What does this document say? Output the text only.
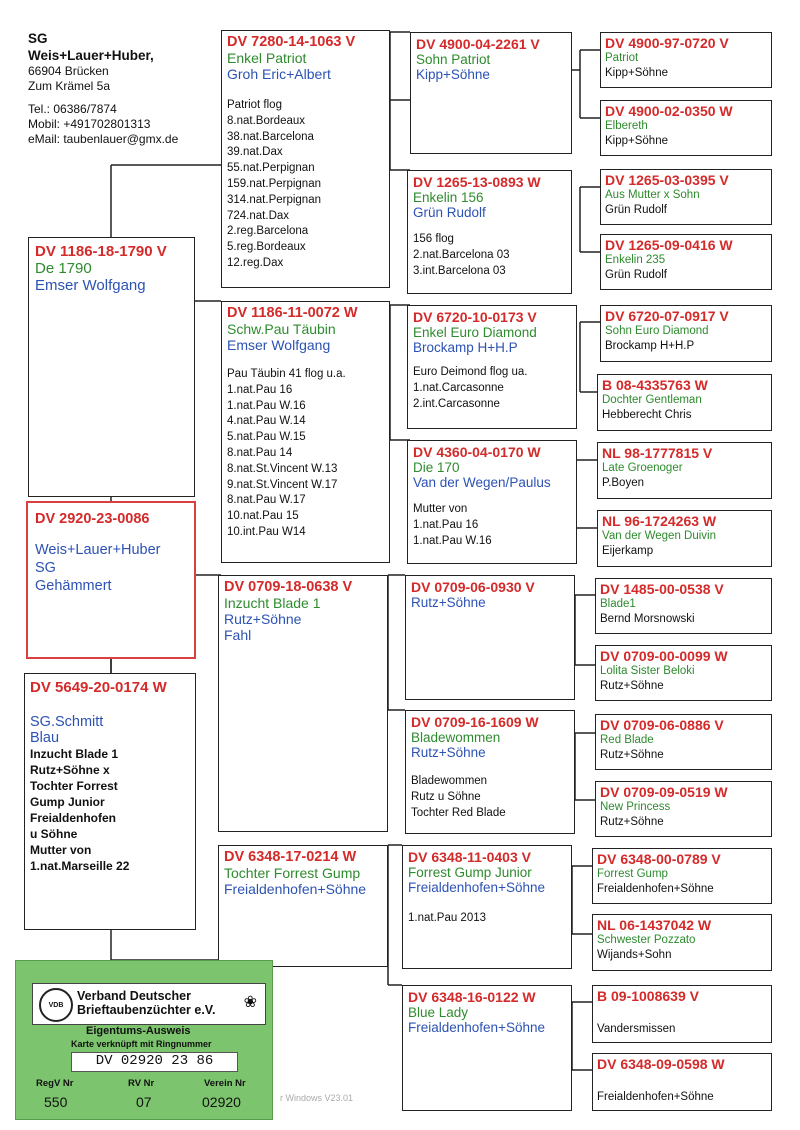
SG
Weis+Lauer+Huber,
66904 Brücken
Zum Krämel 5a
Tel.: 06386/7874
Mobil: +491702801313
eMail: taubenlauer@gmx.de
DV 1186-18-1790 V
De 1790
Emser Wolfgang
DV 2920-23-0086
Weis+Lauer+Huber
SG
Gehämmert
DV 5649-20-0174 W
SG.Schmitt
Blau
Inzucht Blade 1
Rutz+Söhne x
Tochter Forrest
Gump Junior
Freialdenhofen
u Söhne
Mutter von
1.nat.Marseille 22
DV 7280-14-1063 V
Enkel Patriot
Groh Eric+Albert
Patriot flog
8.nat.Bordeaux
38.nat.Barcelona
39.nat.Dax
55.nat.Perpignan
159.nat.Perpignan
314.nat.Perpignan
724.nat.Dax
2.reg.Barcelona
5.reg.Bordeaux
12.reg.Dax
DV 1186-11-0072 W
Schw.Pau Täubin
Emser Wolfgang
Pau Täubin 41 flog u.a.
1.nat.Pau 16
1.nat.Pau W.16
4.nat.Pau W.14
5.nat.Pau W.15
8.nat.Pau 14
8.nat.St.Vincent W.13
9.nat.St.Vincent W.17
8.nat.Pau W.17
10.nat.Pau 15
10.int.Pau W14
DV 0709-18-0638 V
Inzucht Blade 1
Rutz+Söhne
Fahl
DV 6348-17-0214 W
Tochter Forrest Gump
Freialdenhofen+Söhne
DV 4900-04-2261 V
Sohn Patriot
Kipp+Söhne
DV 1265-13-0893 W
Enkelin 156
Grün Rudolf
156 flog
2.nat.Barcelona 03
3.int.Barcelona 03
DV 6720-10-0173 V
Enkel Euro Diamond
Brockamp H+H.P
Euro Deimond flog ua.
1.nat.Carcasonne
2.int.Carcasonne
DV 4360-04-0170 W
Die 170
Van der Wegen/Paulus
Mutter von
1.nat.Pau 16
1.nat.Pau W.16
DV 0709-06-0930 V
Rutz+Söhne
DV 0709-16-1609 W
Bladewommen
Rutz+Söhne
Bladewommen
Rutz u Söhne
Tochter Red Blade
DV 6348-11-0403 V
Forrest Gump Junior
Freialdenhofen+Söhne
1.nat.Pau 2013
DV 6348-16-0122 W
Blue Lady
Freialdenhofen+Söhne
DV 4900-97-0720 V
Patriot
Kipp+Söhne
DV 4900-02-0350 W
Elbereth
Kipp+Söhne
DV 1265-03-0395 V
Aus Mutter x Sohn
Grün Rudolf
DV 1265-09-0416 W
Enkelin 235
Grün Rudolf
DV 6720-07-0917 V
Sohn Euro Diamond
Brockamp H+H.P
B 08-4335763 W
Dochter Gentleman
Hebberecht Chris
NL 98-1777815 V
Late Groenoger
P.Boyen
NL 96-1724263 W
Van der Wegen Duivin
Eijerkamp
DV 1485-00-0538 V
Blade1
Bernd Morsnowski
DV 0709-00-0099 W
Lolita Sister Beloki
Rutz+Söhne
DV 0709-06-0886 V
Red Blade
Rutz+Söhne
DV 0709-09-0519 W
New Princess
Rutz+Söhne
DV 6348-00-0789 V
Forrest Gump
Freialdenhofen+Söhne
NL 06-1437042 W
Schwester Pozzato
Wijands+Sohn
B 09-1008639 V
Vandersmissen
DV 6348-09-0598 W
Freialdenhofen+Söhne
VDB
Verband Deutscher
Brieftaubenzüchter e.V. ❀
Eigentums-Ausweis
Karte verknüpft mit Ringnummer
DV 02920 23 86
RegV Nr	RV Nr	Verein Nr
550	07	02920	r Windows V23.01
